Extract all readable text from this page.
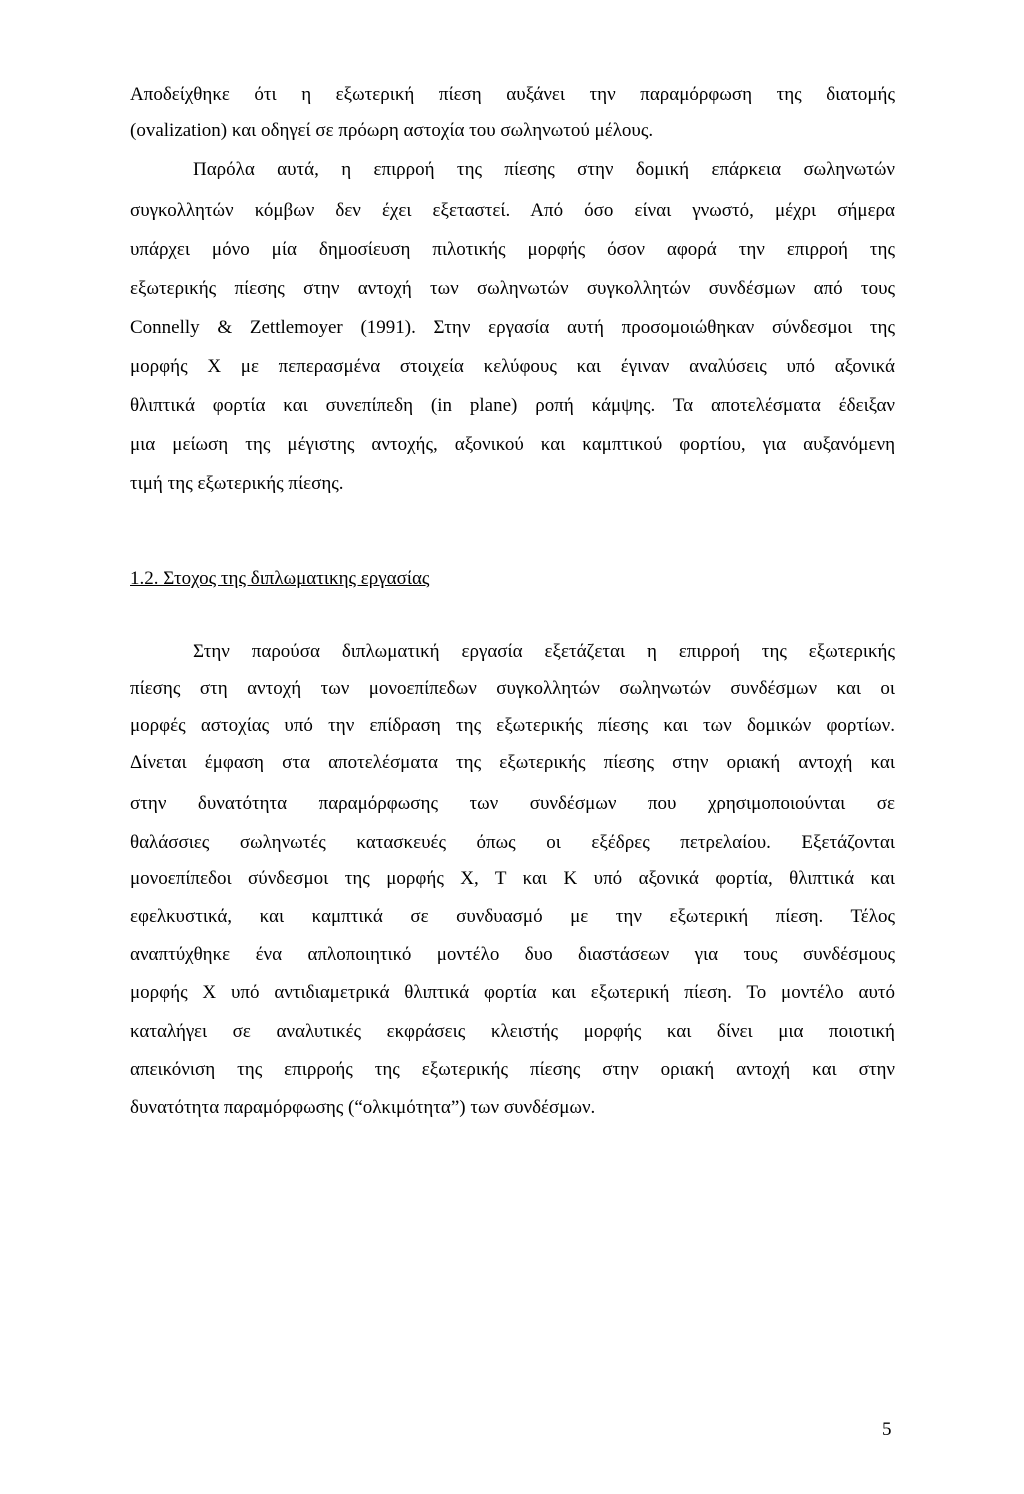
Αποδείχθηκε ότι η εξωτερική πίεση αυξάνει την παραμόρφωση της διατομής
(ovalization) και οδηγεί σε πρόωρη αστοχία του σωληνωτού μέλους.
Παρόλα αυτά, η επιρροή της πίεσης στην δομική επάρκεια σωληνωτών
συγκολλητών κόμβων δεν έχει εξεταστεί. Από όσο είναι γνωστό, μέχρι σήμερα
υπάρχει μόνο μία δημοσίευση πιλοτικής μορφής όσον αφορά την επιρροή της
εξωτερικής πίεσης στην αντοχή των σωληνωτών συγκολλητών συνδέσμων από τους
Connelly & Zettlemoyer (1991). Στην εργασία αυτή προσομοιώθηκαν σύνδεσμοι της
μορφής Χ με πεπερασμένα στοιχεία κελύφους και έγιναν αναλύσεις υπό αξονικά
θλιπτικά φορτία και συνεπίπεδη (in plane) ροπή κάμψης. Τα αποτελέσματα έδειξαν
μια μείωση της μέγιστης αντοχής, αξονικού και καμπτικού φορτίου, για αυξανόμενη
τιμή της εξωτερικής πίεσης.
1.2. Στοχος της διπλωματικης εργασίας
Στην παρούσα διπλωματική εργασία εξετάζεται η επιρροή της εξωτερικής
πίεσης στη αντοχή των μονοεπίπεδων συγκολλητών σωληνωτών συνδέσμων και οι
μορφές αστοχίας υπό την επίδραση της εξωτερικής πίεσης και των δομικών φορτίων.
Δίνεται έμφαση στα αποτελέσματα της εξωτερικής πίεσης στην οριακή αντοχή και
στην δυνατότητα παραμόρφωσης των συνδέσμων που χρησιμοποιούνται σε
θαλάσσιες σωληνωτές κατασκευές όπως οι εξέδρες πετρελαίου. Εξετάζονται
μονοεπίπεδοι σύνδεσμοι της μορφής Χ, Τ και Κ υπό αξονικά φορτία, θλιπτικά και
εφελκυστικά, και καμπτικά σε συνδυασμό με την εξωτερική πίεση. Τέλος
αναπτύχθηκε ένα απλοποιητικό μοντέλο δυο διαστάσεων για τους συνδέσμους
μορφής Χ υπό αντιδιαμετρικά θλιπτικά φορτία και εξωτερική πίεση. Το μοντέλο αυτό
καταλήγει σε αναλυτικές εκφράσεις κλειστής μορφής και δίνει μια ποιοτική
απεικόνιση της επιρροής της εξωτερικής πίεσης στην οριακή αντοχή και στην
δυνατότητα παραμόρφωσης (“ολκιμότητα”) των συνδέσμων.
5
